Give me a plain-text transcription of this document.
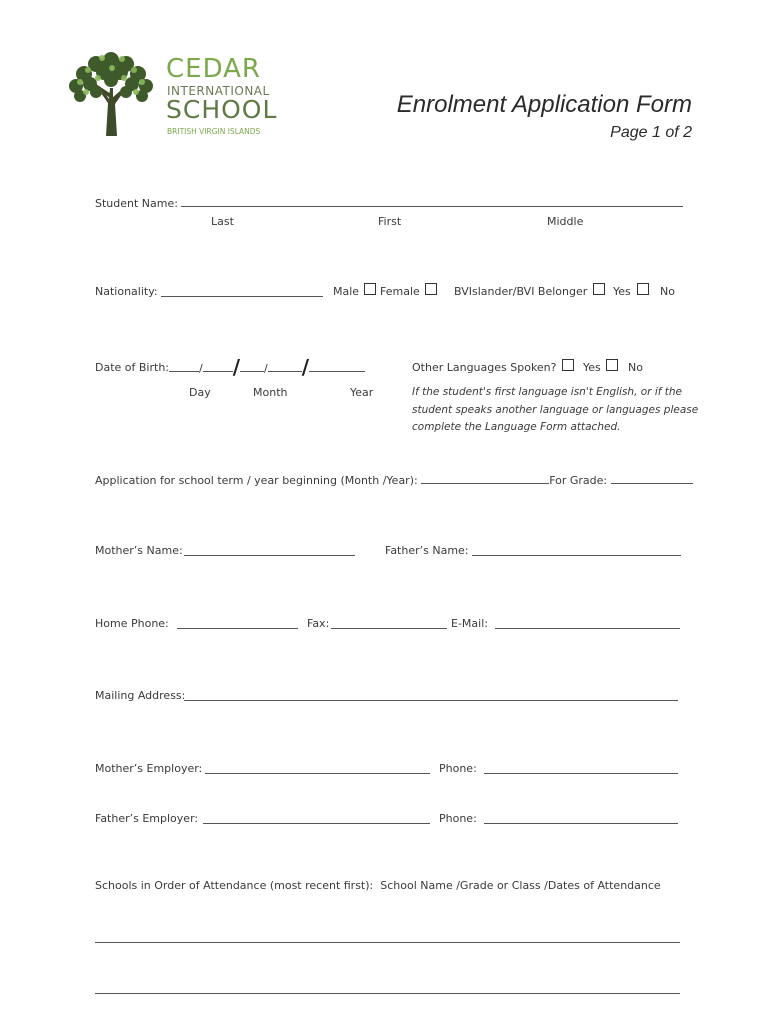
CEDAR
INTERNATIONAL
SCHOOL
BRITISH VIRGIN ISLANDS
Enrolment Application Form
Page 1 of 2
Student Name:
Last	First	Middle
Nationality:	Male Female	BVIslander/BVI Belonger Yes	No
Date of Birth:	/ / / /
Day	Month	Year
Other Languages Spoken? Yes No
If the student's first language isn't English, or if the student speaks another language or languages please complete the Language Form attached.
Application for school term / year beginning (Month /Year):	For Grade:
Mother’s Name:	Father’s Name:
Home Phone:	Fax:	E-Mail:
Mailing Address:
Mother’s Employer:	Phone:
Father’s Employer:	Phone:
Schools in Order of Attendance (most recent first): School Name /Grade or Class /Dates of Attendance
